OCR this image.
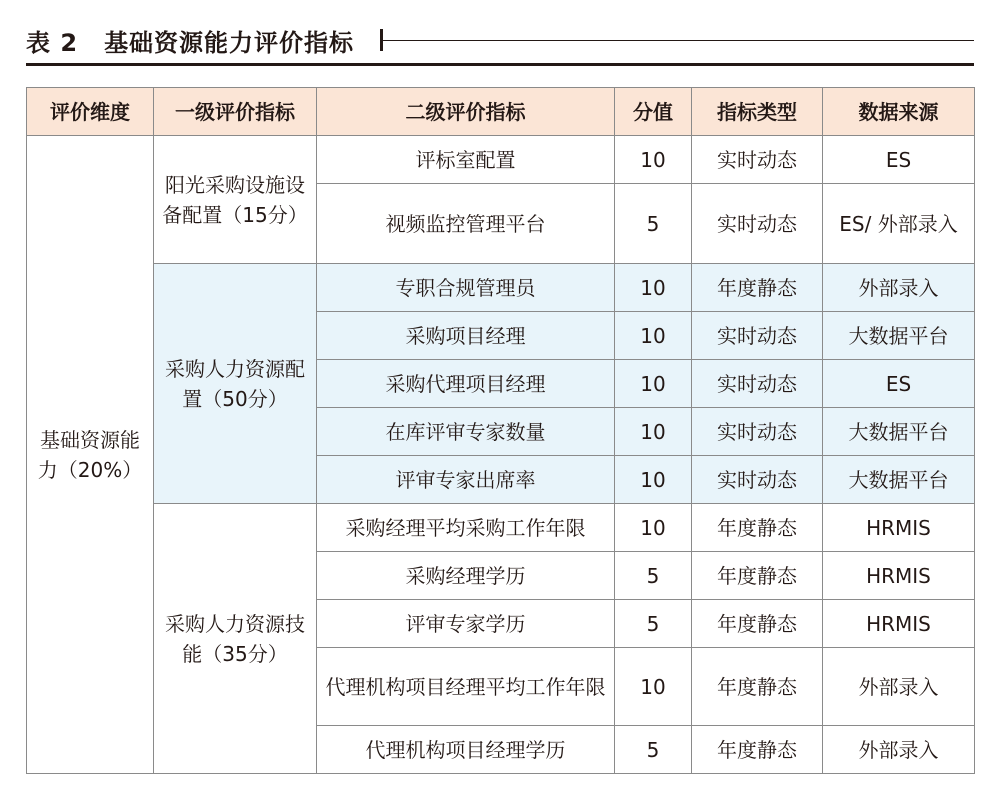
表 2 基础资源能力评价指标
评价维度	一级评价指标	二级评价指标	分值	指标类型	数据来源
基础资源能力（20%）	阳光采购设施设备配置（15分）	评标室配置	10	实时动态	ES
		视频监控管理平台	5	实时动态	ES/ 外部录入
	采购人力资源配置（50分）	专职合规管理员	10	年度静态	外部录入
		采购项目经理	10	实时动态	大数据平台
		采购代理项目经理	10	实时动态	ES
		在库评审专家数量	10	实时动态	大数据平台
		评审专家出席率	10	实时动态	大数据平台
	采购人力资源技能（35分）	采购经理平均采购工作年限	10	年度静态	HRMIS
		采购经理学历	5	年度静态	HRMIS
		评审专家学历	5	年度静态	HRMIS
		代理机构项目经理平均工作年限	10	年度静态	外部录入
		代理机构项目经理学历	5	年度静态	外部录入
